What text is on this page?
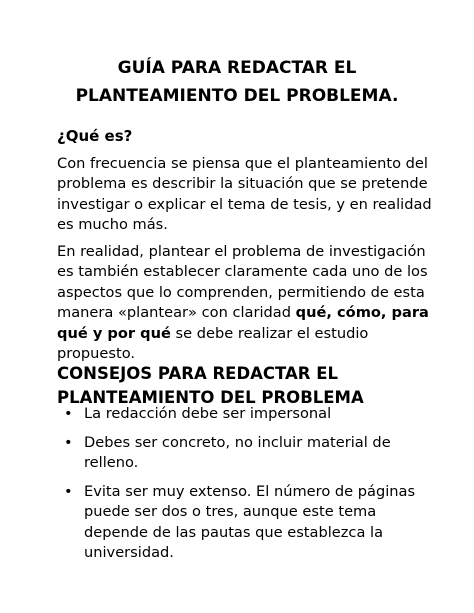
GUÍA PARA REDACTAR EL
PLANTEAMIENTO DEL PROBLEMA.
¿Qué es?

Con frecuencia se piensa que el planteamiento del
problema es describir la situación que se pretende
investigar o explicar el tema de tesis, y en realidad
es mucho más.

En realidad, plantear el problema de investigación
es también establecer claramente cada uno de los
aspectos que lo comprenden, permitiendo de esta
manera «plantear» con claridad qué, cómo, para
qué y por qué se debe realizar el estudio
propuesto.

CONSEJOS PARA REDACTAR EL
PLANTEAMIENTO DEL PROBLEMA
• La redacción debe ser impersonal
• Debes ser concreto, no incluir material de
relleno.
• Evita ser muy extenso. El número de páginas
puede ser dos o tres, aunque este tema
depende de las pautas que establezca la
universidad.
